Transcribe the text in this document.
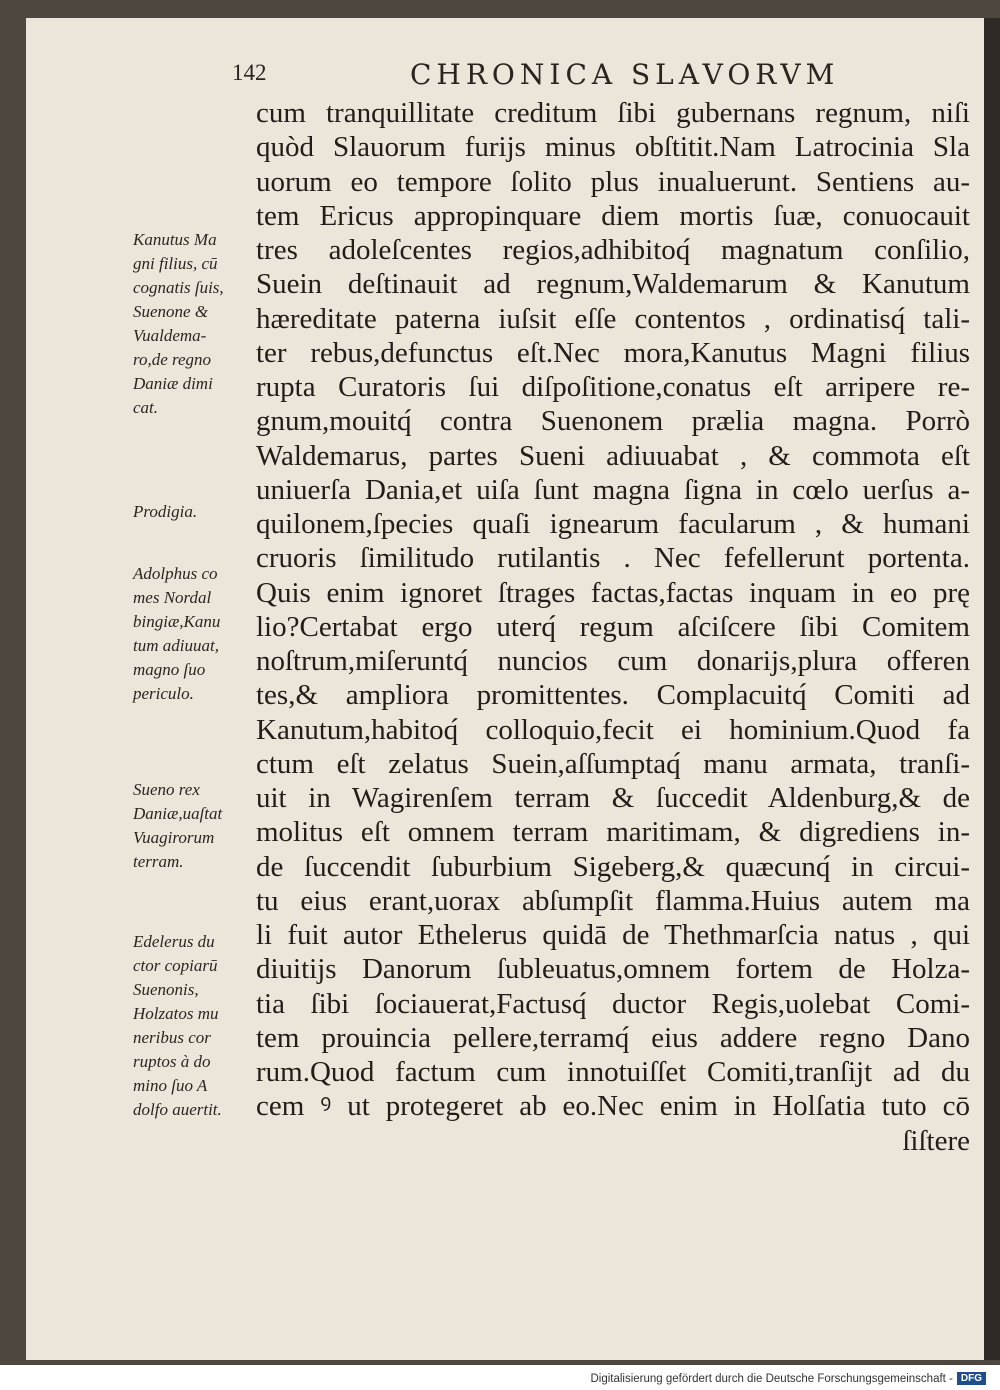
142	CHRONICA SLAVORVM
cum tranquillitate creditum ſibi gubernans regnum, niſi
quòd Slauorum furijs minus obſtitit.Nam Latrocinia Sla
uorum eo tempore ſolito plus inualuerunt. Sentiens au-
tem Ericus appropinquare diem mortis ſuæ, conuocauit
tres adoleſcentes regios,adhibitoq́ magnatum conſilio,
Suein deſtinauit ad regnum,Waldemarum & Kanutum
hæreditate paterna iuſsit eſſe contentos , ordinatisq́ tali-
ter rebus,defunctus eſt.Nec mora,Kanutus Magni filius
rupta Curatoris ſui diſpoſitione,conatus eſt arripere re-
gnum,mouitq́ contra Suenonem prælia magna. Porrò
Waldemarus, partes Sueni adiuuabat , & commota eſt
uniuerſa Dania,et uiſa ſunt magna ſigna in cœlo uerſus a-
quilonem,ſpecies quaſi ignearum facularum , & humani
cruoris ſimilitudo rutilantis . Nec fefellerunt portenta.
Quis enim ignoret ſtrages factas,factas inquam in eo prę
lio?Certabat ergo uterq́ regum aſciſcere ſibi Comitem
noſtrum,miſeruntq́ nuncios cum donarijs,plura offeren
tes,& ampliora promittentes. Complacuitq́ Comiti ad
Kanutum,habitoq́ colloquio,fecit ei hominium.Quod fa
ctum eſt zelatus Suein,aſſumptaq́ manu armata, tranſi-
uit in Wagirenſem terram & ſuccedit Aldenburg,& de
molitus eſt omnem terram maritimam, & digrediens in-
de ſuccendit ſuburbium Sigeberg,& quæcunq́ in circui-
tu eius erant,uorax abſumpſit flamma.Huius autem ma
li fuit autor Ethelerus quidā de Thethmarſcia natus , qui
diuitijs Danorum ſubleuatus,omnem fortem de Holza-
tia ſibi ſociauerat,Factusq́ ductor Regis,uolebat Comi-
tem prouincia pellere,terramq́ eius addere regno Dano
rum.Quod factum cum innotuiſſet Comiti,tranſijt ad du
cem ꝰ ut protegeret ab eo.Nec enim in Holſatia tuto cō
ſiſtere
Kanutus Ma
gni filius, cū
cognatis ſuis,
Suenone &
Vualdema-
ro,de regno
Daniæ dimi
cat.
Prodigia.
Adolphus co
mes Nordal
bingiæ,Kanu
tum adiuuat,
magno ſuo
periculo.
Sueno rex
Daniæ,uaſtat
Vuagirorum
terram.
Edelerus du
ctor copiarū
Suenonis,
Holzatos mu
neribus cor
ruptos à do
mino ſuo A
dolfo auertit.
Digitalisierung gefördert durch die Deutsche Forschungsgemeinschaft - DFG
